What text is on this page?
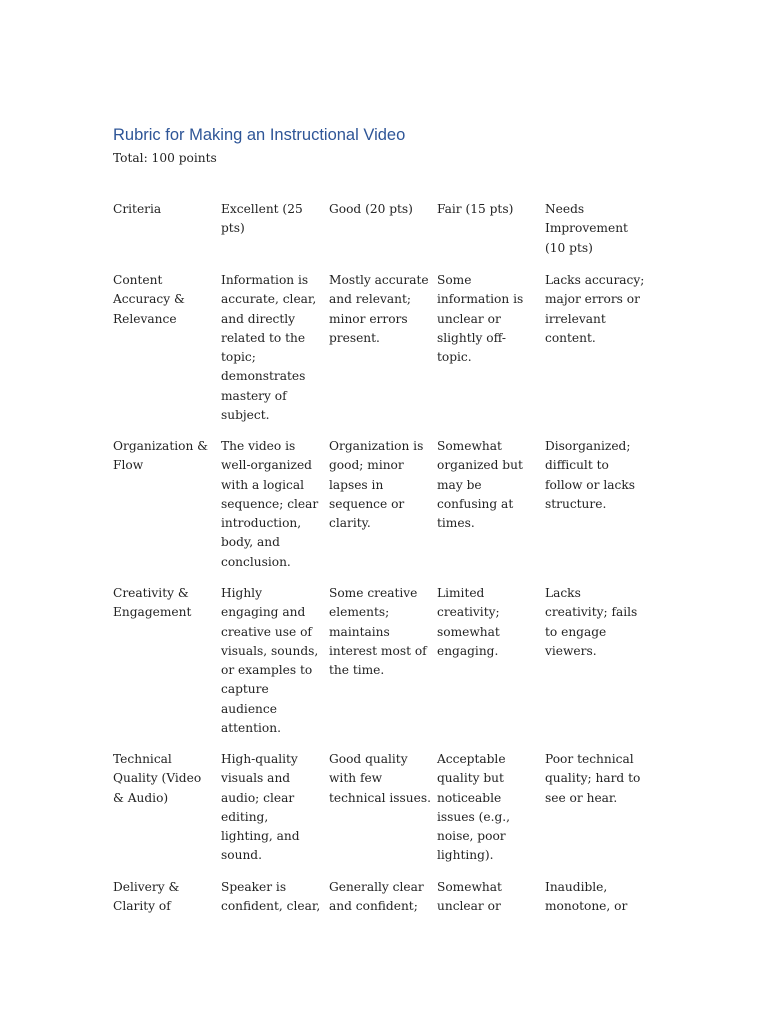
Rubric for Making an Instructional Video
Total: 100 points
Criteria	Excellent (25 pts)	Good (20 pts)	Fair (15 pts)	Needs Improvement (10 pts)

Content Accuracy & Relevance	Information is accurate, clear, and directly related to the topic; demonstrates mastery of subject.	Mostly accurate and relevant; minor errors present.	Some information is unclear or slightly off-topic.	Lacks accuracy; major errors or irrelevant content.

Organization & Flow	The video is well-organized with a logical sequence; clear introduction, body, and conclusion.	Organization is good; minor lapses in sequence or clarity.	Somewhat organized but may be confusing at times.	Disorganized; difficult to follow or lacks structure.

Creativity & Engagement	Highly engaging and creative use of visuals, sounds, or examples to capture audience attention.	Some creative elements; maintains interest most of the time.	Limited creativity; somewhat engaging.	Lacks creativity; fails to engage viewers.

Technical Quality (Video & Audio)	High-quality visuals and audio; clear editing, lighting, and sound.	Good quality with few technical issues.	Acceptable quality but noticeable issues (e.g., noise, poor lighting).	Poor technical quality; hard to see or hear.

Delivery & Clarity of	Speaker is confident, clear,	Generally clear and confident;	Somewhat unclear or	Inaudible, monotone, or
